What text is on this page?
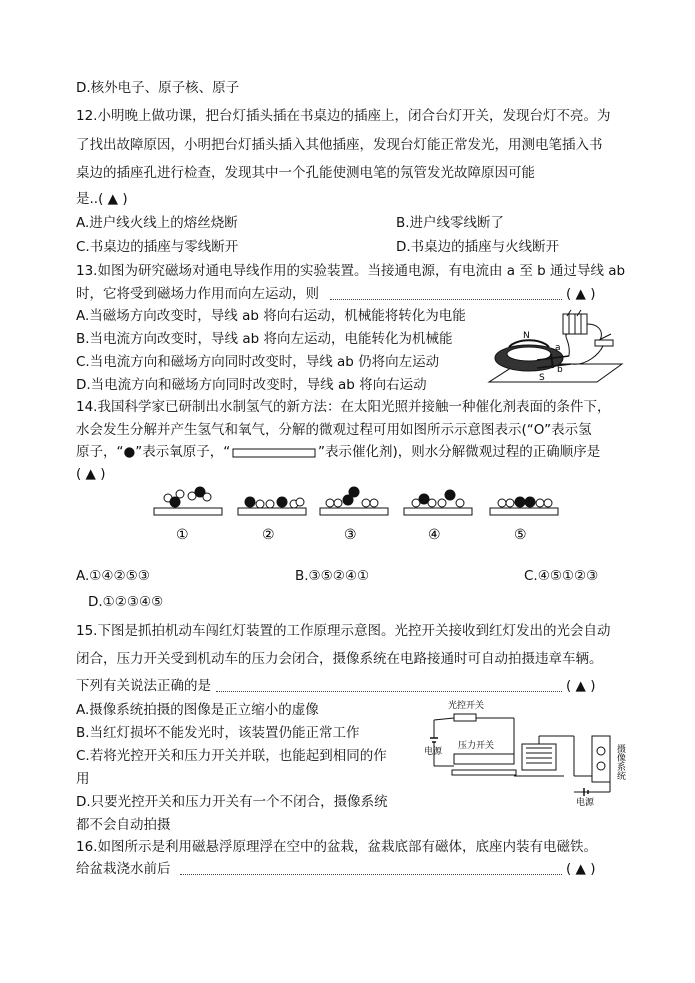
D.核外电子、原子核、原子
12.小明晚上做功课，把台灯插头插在书桌边的插座上，闭合台灯开关，发现台灯不亮。为
了找出故障原因，小明把台灯插头插入其他插座，发现台灯能正常发光，用测电笔插入书
桌边的插座孔进行检查，发现其中一个孔能使测电笔的氖管发光故障原因可能
是..( ▲ )
A.进户线火线上的熔丝烧断	B.进户线零线断了
C.书桌边的插座与零线断开	D.书桌边的插座与火线断开
13.如图为研究磁场对通电导线作用的实验装置。当接通电源，有电流由 a 至 b 通过导线 ab
时，它将受到磁场力作用而向左运动，则	( ▲ )
A.当磁场方向改变时，导线 ab 将向右运动，机械能将转化为电能
B.当电流方向改变时，导线 ab 将向左运动，电能转化为机械能
C.当电流方向和磁场方向同时改变时，导线 ab 仍将向左运动
D.当电流方向和磁场方向同时改变时，导线 ab 将向右运动
N
S
a
b
14.我国科学家已研制出水制氢气的新方法：在太阳光照并接触一种催化剂表面的条件下，
水会发生分解并产生氢气和氧气，分解的微观过程可用如图所示示意图表示(“O”表示氢
原子，“●”表示氧原子，“	”表示催化剂)，则水分解微观过程的正确顺序是
( ▲ )
①	②	③	④	⑤
A.①④②⑤③	B.③⑤②④①	C.④⑤①②③
D.①②③④⑤
15.下图是抓拍机动车闯红灯装置的工作原理示意图。光控开关接收到红灯发出的光会自动
闭合，压力开关受到机动车的压力会闭合，摄像系统在电路接通时可自动拍摄违章车辆。
下列有关说法正确的是	( ▲ )
A.摄像系统拍摄的图像是正立缩小的虚像
B.当红灯损坏不能发光时，该装置仍能正常工作
C.若将光控开关和压力开关并联，也能起到相同的作
用
D.只要光控开关和压力开关有一个不闭合，摄像系统
都不会自动拍摄
光控开关
电源
压力开关	摄像系统
电源
16.如图所示是利用磁悬浮原理浮在空中的盆栽，盆栽底部有磁体，底座内装有电磁铁。
给盆栽浇水前后	( ▲ )
